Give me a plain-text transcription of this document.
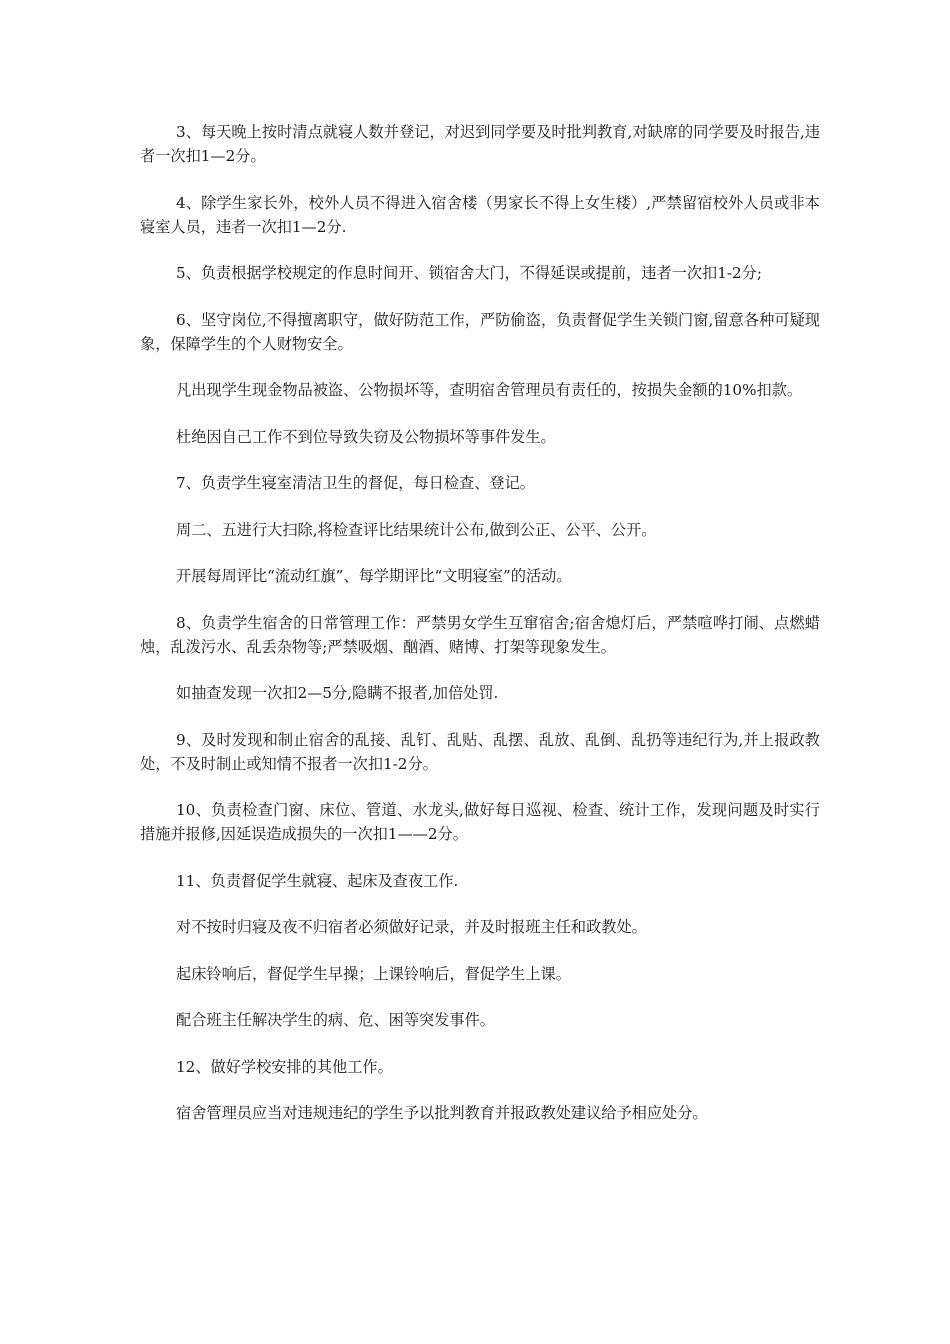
3、每天晚上按时清点就寝人数并登记，对迟到同学要及时批判教育,对缺席的同学要及时报告,违者一次扣1—2分。

4、除学生家长外，校外人员不得进入宿舍楼（男家长不得上女生楼）,严禁留宿校外人员或非本寝室人员，违者一次扣1—2分.

5、负责根据学校规定的作息时间开、锁宿舍大门，不得延误或提前，违者一次扣1-2分;

6、坚守岗位,不得擅离职守，做好防范工作，严防偷盗，负责督促学生关锁门窗,留意各种可疑现象，保障学生的个人财物安全。

凡出现学生现金物品被盗、公物损坏等，查明宿舍管理员有责任的，按损失金额的10%扣款。

杜绝因自己工作不到位导致失窃及公物损坏等事件发生。

7、负责学生寝室清洁卫生的督促，每日检查、登记。

周二、五进行大扫除,将检查评比结果统计公布,做到公正、公平、公开。

开展每周评比“流动红旗”、每学期评比“文明寝室”的活动。

8、负责学生宿舍的日常管理工作：严禁男女学生互窜宿舍;宿舍熄灯后，严禁喧哗打闹、点燃蜡烛，乱泼污水、乱丢杂物等;严禁吸烟、酗酒、赌博、打架等现象发生。

如抽查发现一次扣2—5分,隐瞒不报者,加倍处罚.

9、及时发现和制止宿舍的乱接、乱钉、乱贴、乱摆、乱放、乱倒、乱扔等违纪行为,并上报政教处，不及时制止或知情不报者一次扣1-2分。

10、负责检查门窗、床位、管道、水龙头,做好每日巡视、检查、统计工作，发现问题及时实行措施并报修,因延误造成损失的一次扣1——2分。

11、负责督促学生就寝、起床及查夜工作.

对不按时归寝及夜不归宿者必须做好记录，并及时报班主任和政教处。

起床铃响后，督促学生早操；上课铃响后，督促学生上课。

配合班主任解决学生的病、危、困等突发事件。

12、做好学校安排的其他工作。

宿舍管理员应当对违规违纪的学生予以批判教育并报政教处建议给予相应处分。
